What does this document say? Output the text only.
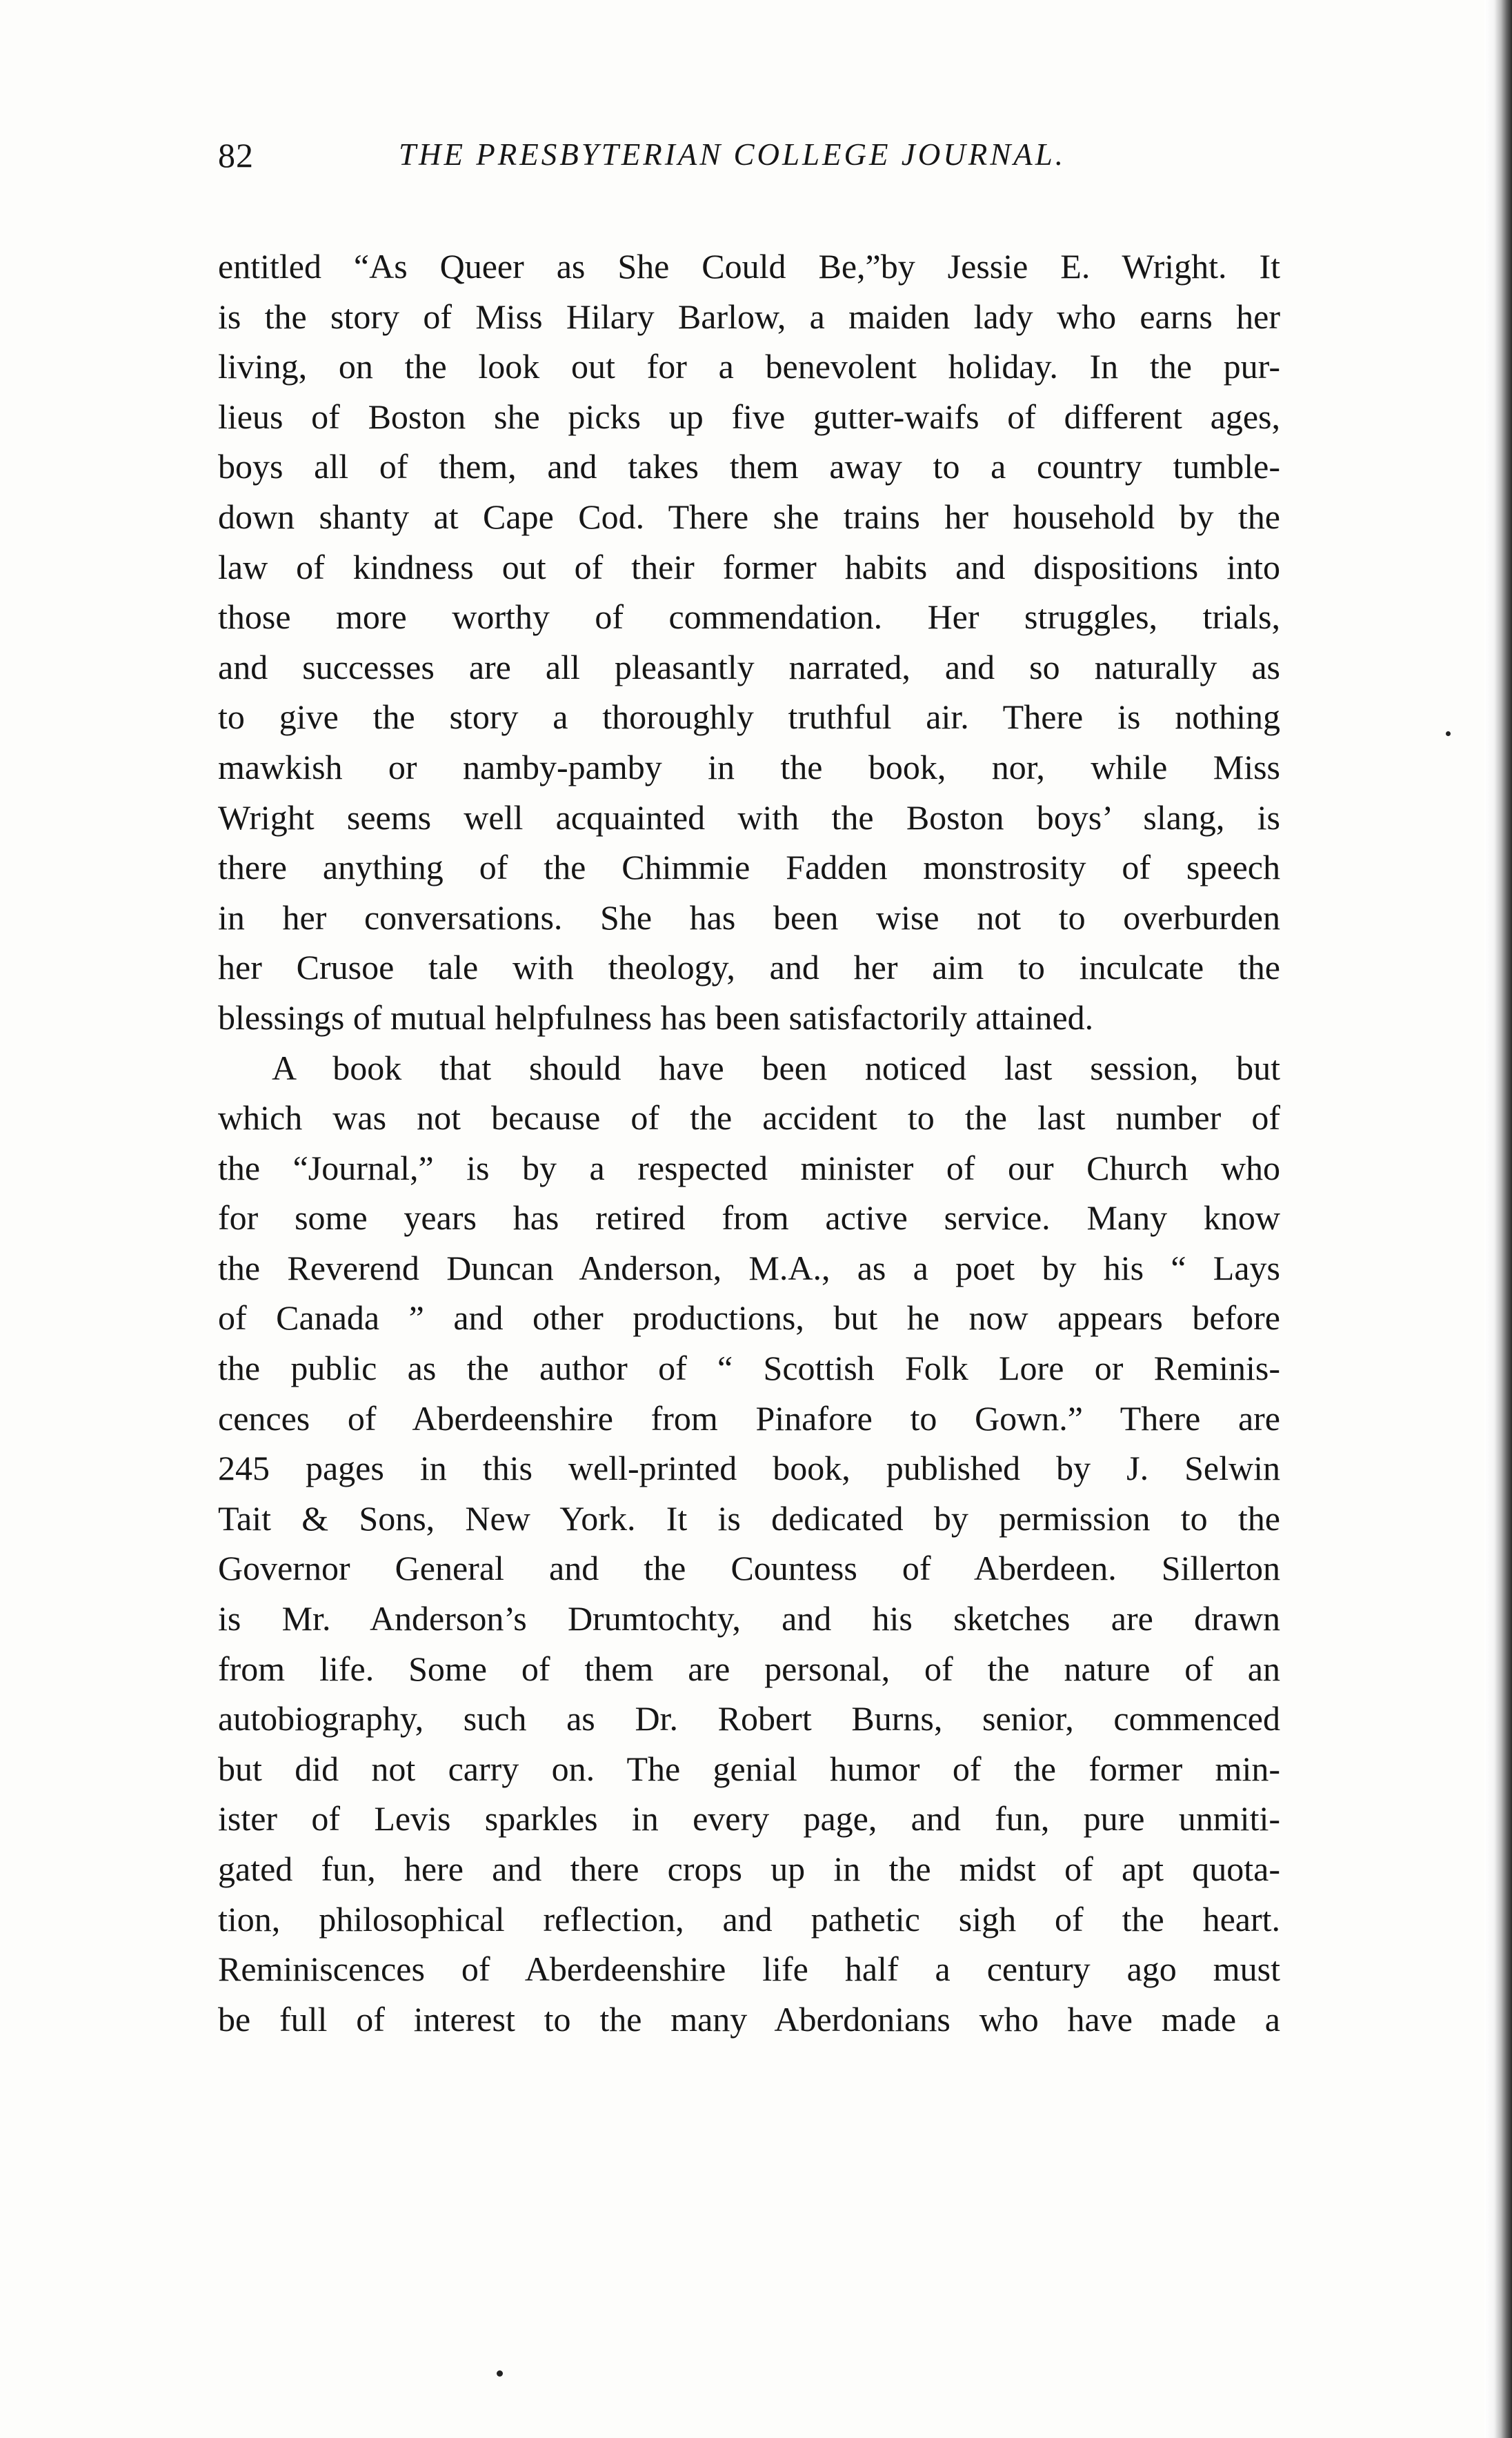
82	THE PRESBYTERIAN COLLEGE JOURNAL.
entitled “As Queer as She Could Be,”by Jessie E. Wright. It
is the story of Miss Hilary Barlow, a maiden lady who earns her
living, on the look out for a benevolent holiday. In the pur-
lieus of Boston she picks up five gutter-waifs of different ages,
boys all of them, and takes them away to a country tumble-
down shanty at Cape Cod. There she trains her household by the
law of kindness out of their former habits and dispositions into
those more worthy of commendation. Her struggles, trials,
and successes are all pleasantly narrated, and so naturally as
to give the story a thoroughly truthful air. There is nothing
mawkish or namby-pamby in the book, nor, while Miss
Wright seems well acquainted with the Boston boys’ slang, is
there anything of the Chimmie Fadden monstrosity of speech
in her conversations. She has been wise not to overburden
her Crusoe tale with theology, and her aim to inculcate the
blessings of mutual helpfulness has been satisfactorily attained.
A book that should have been noticed last session, but
which was not because of the accident to the last number of
the “Journal,” is by a respected minister of our Church who
for some years has retired from active service. Many know
the Reverend Duncan Anderson, M.A., as a poet by his “ Lays
of Canada ” and other productions, but he now appears before
the public as the author of “ Scottish Folk Lore or Reminis-
cences of Aberdeenshire from Pinafore to Gown.” There are
245 pages in this well-printed book, published by J. Selwin
Tait & Sons, New York. It is dedicated by permission to the
Governor General and the Countess of Aberdeen. Sillerton
is Mr. Anderson’s Drumtochty, and his sketches are drawn
from life. Some of them are personal, of the nature of an
autobiography, such as Dr. Robert Burns, senior, commenced
but did not carry on. The genial humor of the former min-
ister of Levis sparkles in every page, and fun, pure unmiti-
gated fun, here and there crops up in the midst of apt quota-
tion, philosophical reflection, and pathetic sigh of the heart.
Reminiscences of Aberdeenshire life half a century ago must
be full of interest to the many Aberdonians who have made a
